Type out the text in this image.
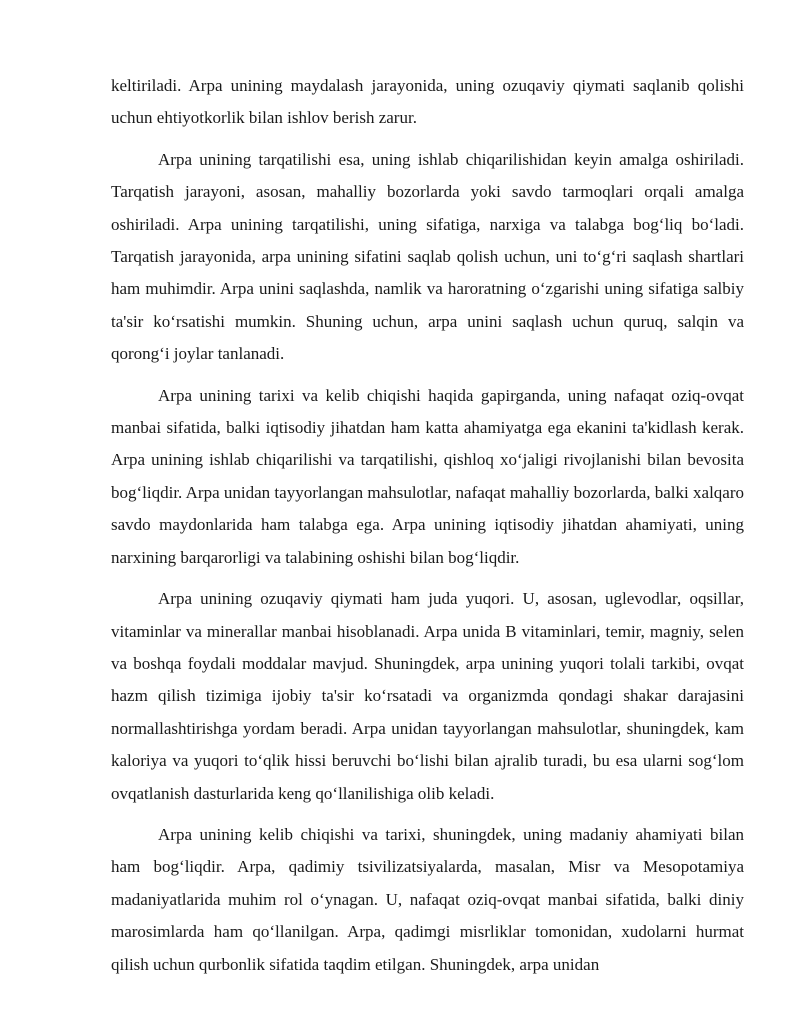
keltiriladi. Arpa unining maydalash jarayonida, uning ozuqaviy qiymati saqlanib qolishi uchun ehtiyotkorlik bilan ishlov berish zarur.

Arpa unining tarqatilishi esa, uning ishlab chiqarilishidan keyin amalga oshiriladi. Tarqatish jarayoni, asosan, mahalliy bozorlarda yoki savdo tarmoqlari orqali amalga oshiriladi. Arpa unining tarqatilishi, uning sifatiga, narxiga va talabga bog‘liq bo‘ladi. Tarqatish jarayonida, arpa unining sifatini saqlab qolish uchun, uni to‘g‘ri saqlash shartlari ham muhimdir. Arpa unini saqlashda, namlik va haroratning o‘zgarishi uning sifatiga salbiy ta'sir ko‘rsatishi mumkin. Shuning uchun, arpa unini saqlash uchun quruq, salqin va qorong‘i joylar tanlanadi.

Arpa unining tarixi va kelib chiqishi haqida gapirganda, uning nafaqat oziq-ovqat manbai sifatida, balki iqtisodiy jihatdan ham katta ahamiyatga ega ekanini ta'kidlash kerak. Arpa unining ishlab chiqarilishi va tarqatilishi, qishloq xo‘jaligi rivojlanishi bilan bevosita bog‘liqdir. Arpa unidan tayyorlangan mahsulotlar, nafaqat mahalliy bozorlarda, balki xalqaro savdo maydonlarida ham talabga ega. Arpa unining iqtisodiy jihatdan ahamiyati, uning narxining barqarorligi va talabining oshishi bilan bog‘liqdir.

Arpa unining ozuqaviy qiymati ham juda yuqori. U, asosan, uglevodlar, oqsillar, vitaminlar va minerallar manbai hisoblanadi. Arpa unida B vitaminlari, temir, magniy, selen va boshqa foydali moddalar mavjud. Shuningdek, arpa unining yuqori tolali tarkibi, ovqat hazm qilish tizimiga ijobiy ta'sir ko‘rsatadi va organizmda qondagi shakar darajasini normallashtirishga yordam beradi. Arpa unidan tayyorlangan mahsulotlar, shuningdek, kam kaloriya va yuqori to‘qlik hissi beruvchi bo‘lishi bilan ajralib turadi, bu esa ularni sog‘lom ovqatlanish dasturlarida keng qo‘llanilishiga olib keladi.

Arpa unining kelib chiqishi va tarixi, shuningdek, uning madaniy ahamiyati bilan ham bog‘liqdir. Arpa, qadimiy tsivilizatsiyalarda, masalan, Misr va Mesopotamiya madaniyatlarida muhim rol o‘ynagan. U, nafaqat oziq-ovqat manbai sifatida, balki diniy marosimlarda ham qo‘llanilgan. Arpa, qadimgi misrliklar tomonidan, xudolarni hurmat qilish uchun qurbonlik sifatida taqdim etilgan. Shuningdek, arpa unidan
